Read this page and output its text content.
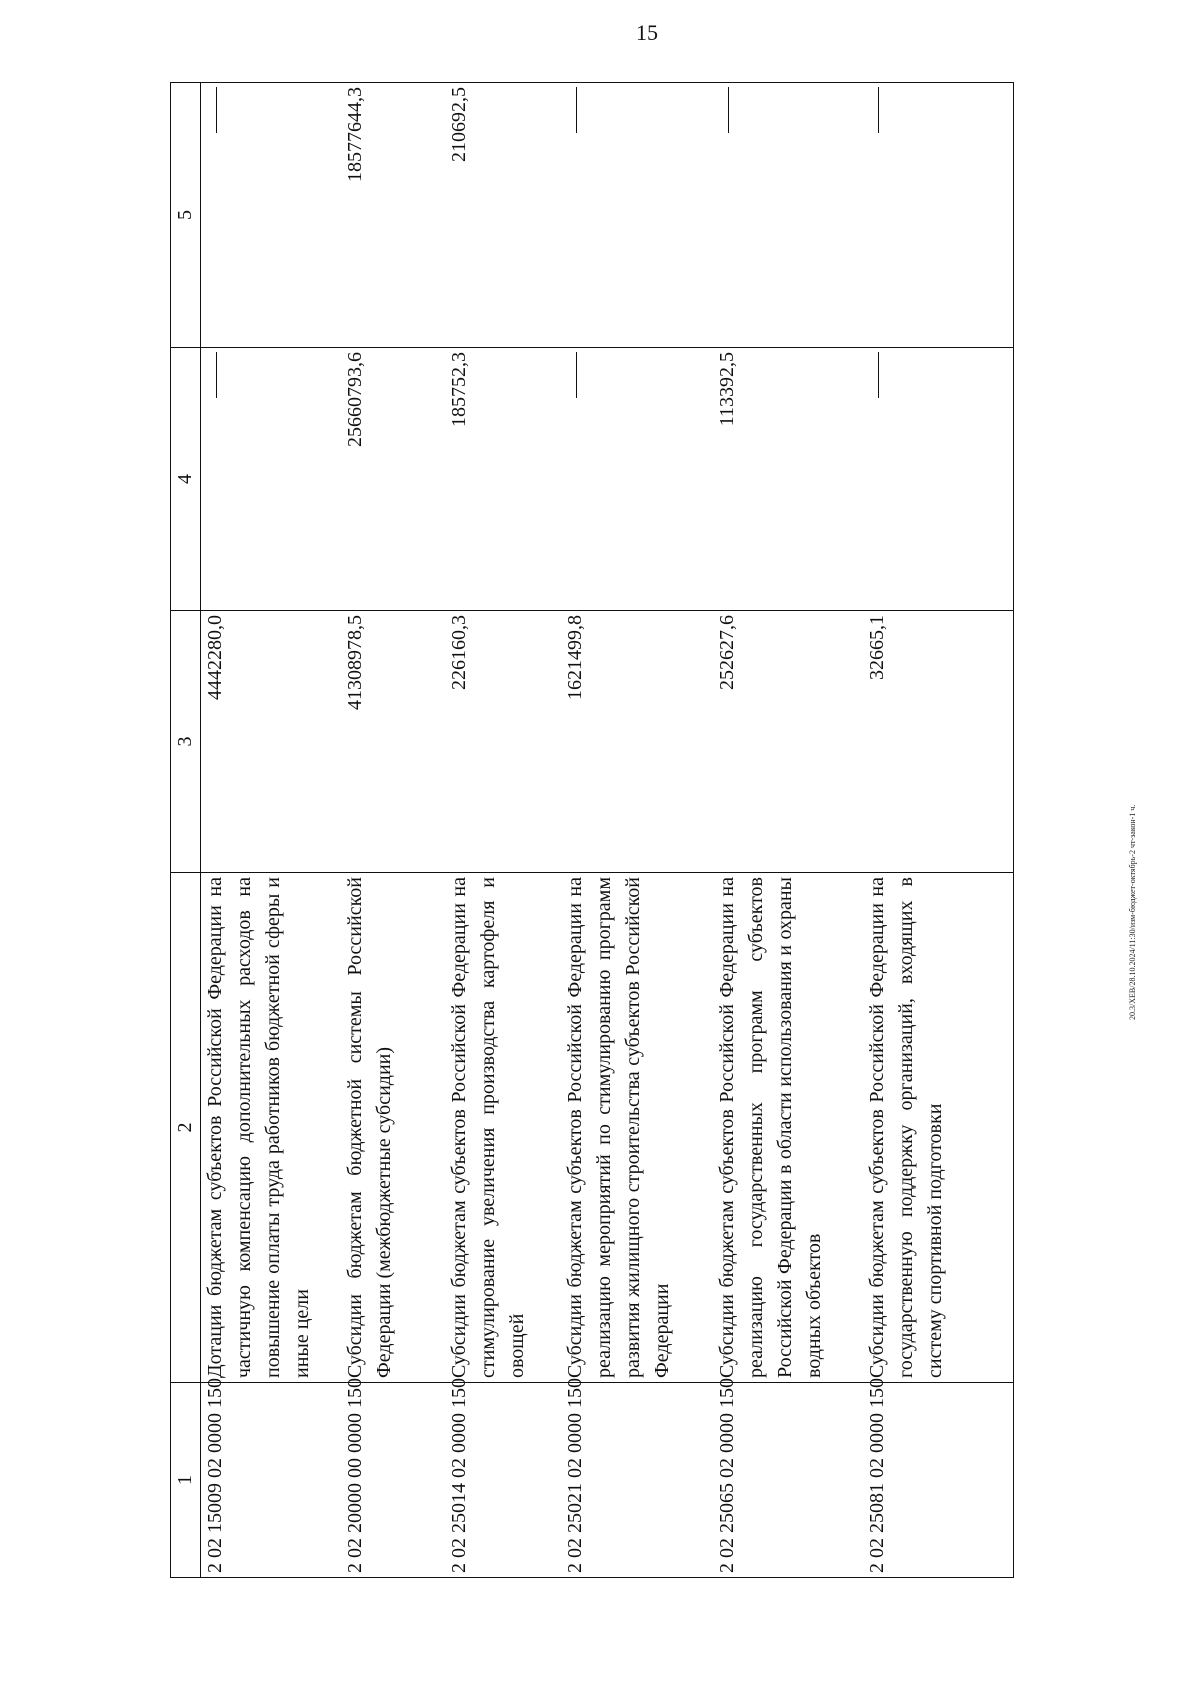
15
20.3/ХЕВ/28.10.2024/11:30/изм-бюджет-октябрь-2 чт-закон-1 ч.
1	2	3	4	5
2 02 15009 02 0000 150	Дотации бюджетам субъектов Российской Федерации на частичную компенсацию дополнительных расходов на повышение оплаты труда работников бюджетной сферы и иные цели	4442280,0		
2 02 20000 00 0000 150	Субсидии бюджетам бюджетной системы Российской Федерации (межбюджетные субсидии)	41308978,5	25660793,6	18577644,3
2 02 25014 02 0000 150	Субсидии бюджетам субъектов Российской Федерации на стимулирование увеличения производства картофеля и овощей	226160,3	185752,3	210692,5
2 02 25021 02 0000 150	Субсидии бюджетам субъектов Российской Федерации на реализацию мероприятий по стимулированию программ развития жилищного строительства субъектов Российской Федерации	1621499,8		
2 02 25065 02 0000 150	Субсидии бюджетам субъектов Российской Федерации на реализацию государственных программ субъектов Российской Федерации в области использования и охраны водных объектов	252627,6	113392,5	
2 02 25081 02 0000 150	Субсидии бюджетам субъектов Российской Федерации на государственную поддержку организаций, входящих в систему спортивной подготовки	32665,1		
